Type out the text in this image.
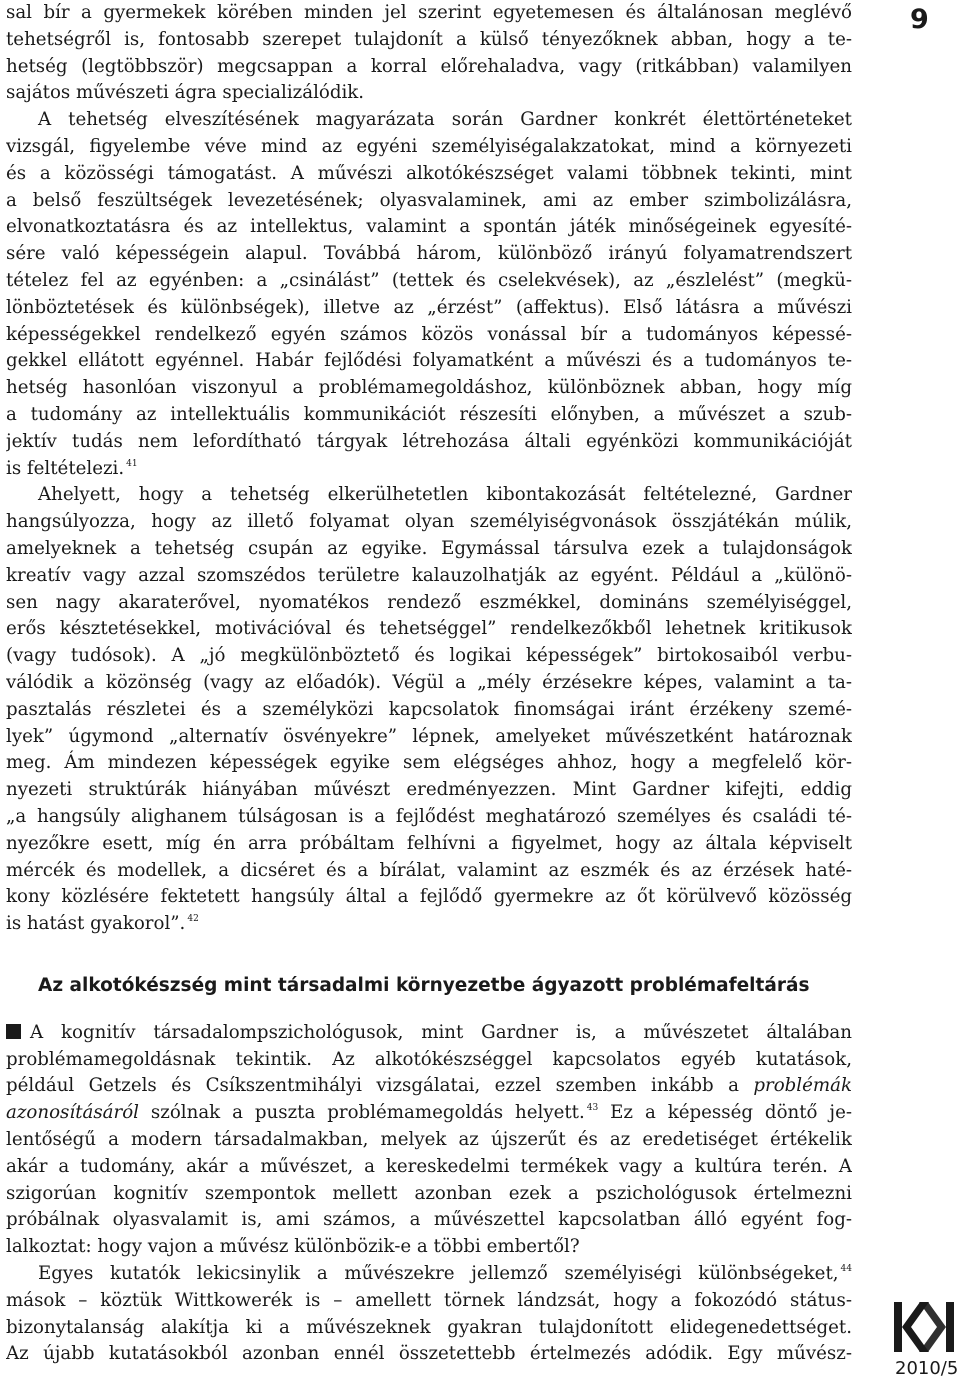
9
sal bír a gyermekek körében minden jel szerint egyetemesen és általánosan meglévő
tehetségről is, fontosabb szerepet tulajdonít a külső tényezőknek abban, hogy a te-
hetség (legtöbbször) megcsappan a korral előrehaladva, vagy (ritkábban) valamilyen
sajátos művészeti ágra specializálódik.
A tehetség elveszítésének magyarázata során Gardner konkrét élettörténeteket
vizsgál, figyelembe véve mind az egyéni személyiségalakzatokat, mind a környezeti
és a közösségi támogatást. A művészi alkotókészséget valami többnek tekinti, mint
a belső feszültségek levezetésének; olyasvalaminek, ami az ember szimbolizálásra,
elvonatkoztatásra és az intellektus, valamint a spontán játék minőségeinek egyesíté-
sére való képességein alapul. Továbbá három, különböző irányú folyamatrendszert
tételez fel az egyénben: a „csinálást” (tettek és cselekvések), az „észlelést” (megkü-
lönböztetések és különbségek), illetve az „érzést” (affektus). Első látásra a művészi
képességekkel rendelkező egyén számos közös vonással bír a tudományos képessé-
gekkel ellátott egyénnel. Habár fejlődési folyamatként a művészi és a tudományos te-
hetség hasonlóan viszonyul a problémamegoldáshoz, különböznek abban, hogy míg
a tudomány az intellektuális kommunikációt részesíti előnyben, a művészet a szub-
jektív tudás nem lefordítható tárgyak létrehozása általi egyénközi kommunikációját
is feltételezi. $^{41}$
Ahelyett, hogy a tehetség elkerülhetetlen kibontakozását feltételezné, Gardner
hangsúlyozza, hogy az illető folyamat olyan személyiségvonások összjátékán múlik,
amelyeknek a tehetség csupán az egyike. Egymással társulva ezek a tulajdonságok
kreatív vagy azzal szomszédos területre kalauzolhatják az egyént. Például a „különö-
sen nagy akaraterővel, nyomatékos rendező eszmékkel, domináns személyiséggel,
erős késztetésekkel, motivációval és tehetséggel” rendelkezőkből lehetnek kritikusok
(vagy tudósok). A „jó megkülönböztető és logikai képességek” birtokosaiból verbu-
válódik a közönség (vagy az előadók). Végül a „mély érzésekre képes, valamint a ta-
pasztalás részletei és a személyközi kapcsolatok finomságai iránt érzékeny szemé-
lyek” úgymond „alternatív ösvényekre” lépnek, amelyeket művészetként határoznak
meg. Ám mindezen képességek egyike sem elégséges ahhoz, hogy a megfelelő kör-
nyezeti struktúrák hiányában művészt eredményezzen. Mint Gardner kifejti, eddig
„a hangsúly alighanem túlságosan is a fejlődést meghatározó személyes és családi té-
nyezőkre esett, míg én arra próbáltam felhívni a figyelmet, hogy az általa képviselt
mércék és modellek, a dicséret és a bírálat, valamint az eszmék és az érzések haté-
kony közlésére fektetett hangsúly által a fejlődő gyermekre az őt körülvevő közösség
is hatást gyakorol”. $^{42}$
Az alkotókészség mint társadalmi környezetbe ágyazott problémafeltárás
A kognitív társadalompszichológusok, mint Gardner is, a művészetet általában
problémamegoldásnak tekintik. Az alkotókészséggel kapcsolatos egyéb kutatások,
például Getzels és Csíkszentmihályi vizsgálatai, ezzel szemben inkább a problémák
azonosításáról szólnak a puszta problémamegoldás helyett. $^{43}$ Ez a képesség döntő je-
lentőségű a modern társadalmakban, melyek az újszerűt és az eredetiséget értékelik
akár a tudomány, akár a művészet, a kereskedelmi termékek vagy a kultúra terén. A
szigorúan kognitív szempontok mellett azonban ezek a pszichológusok értelmezni
próbálnak olyasvalamit is, ami számos, a művészettel kapcsolatban álló egyént fog-
lalkoztat: hogy vajon a művész különbözik-e a többi embertől?
Egyes kutatók lekicsinylik a művészekre jellemző személyiségi különbségeket, $^{44}$
mások – köztük Wittkowerék is – amellett törnek lándzsát, hogy a fokozódó státus-
bizonytalanság alakítja ki a művészeknek gyakran tulajdonított elidegenedettséget.
Az újabb kutatásokból azonban ennél összetettebb értelmezés adódik. Egy művész-
2010/5
